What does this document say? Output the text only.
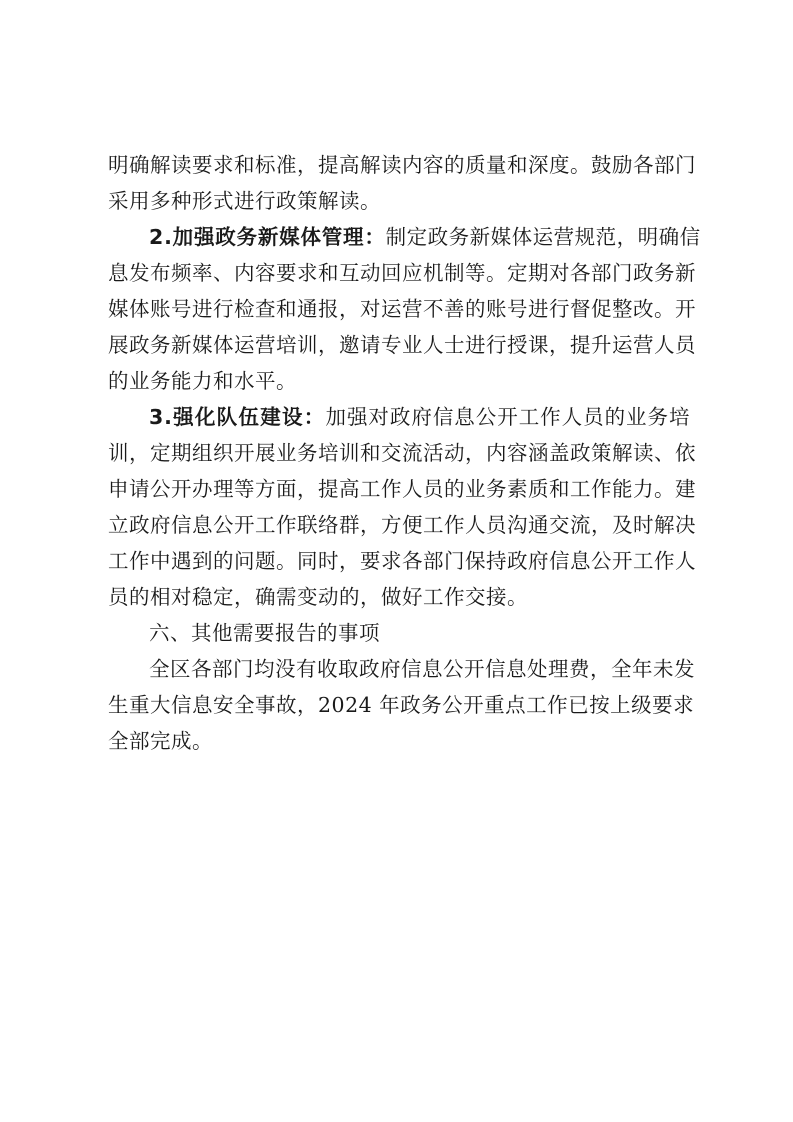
明确解读要求和标准，提高解读内容的质量和深度。鼓励各部门
采用多种形式进行政策解读。
2.加强政务新媒体管理：制定政务新媒体运营规范，明确信
息发布频率、内容要求和互动回应机制等。定期对各部门政务新
媒体账号进行检查和通报，对运营不善的账号进行督促整改。开
展政务新媒体运营培训，邀请专业人士进行授课，提升运营人员
的业务能力和水平。
3.强化队伍建设：加强对政府信息公开工作人员的业务培
训，定期组织开展业务培训和交流活动，内容涵盖政策解读、依
申请公开办理等方面，提高工作人员的业务素质和工作能力。建
立政府信息公开工作联络群，方便工作人员沟通交流，及时解决
工作中遇到的问题。同时，要求各部门保持政府信息公开工作人
员的相对稳定，确需变动的，做好工作交接。
六、其他需要报告的事项
全区各部门均没有收取政府信息公开信息处理费，全年未发
生重大信息安全事故，2024 年政务公开重点工作已按上级要求
全部完成。
